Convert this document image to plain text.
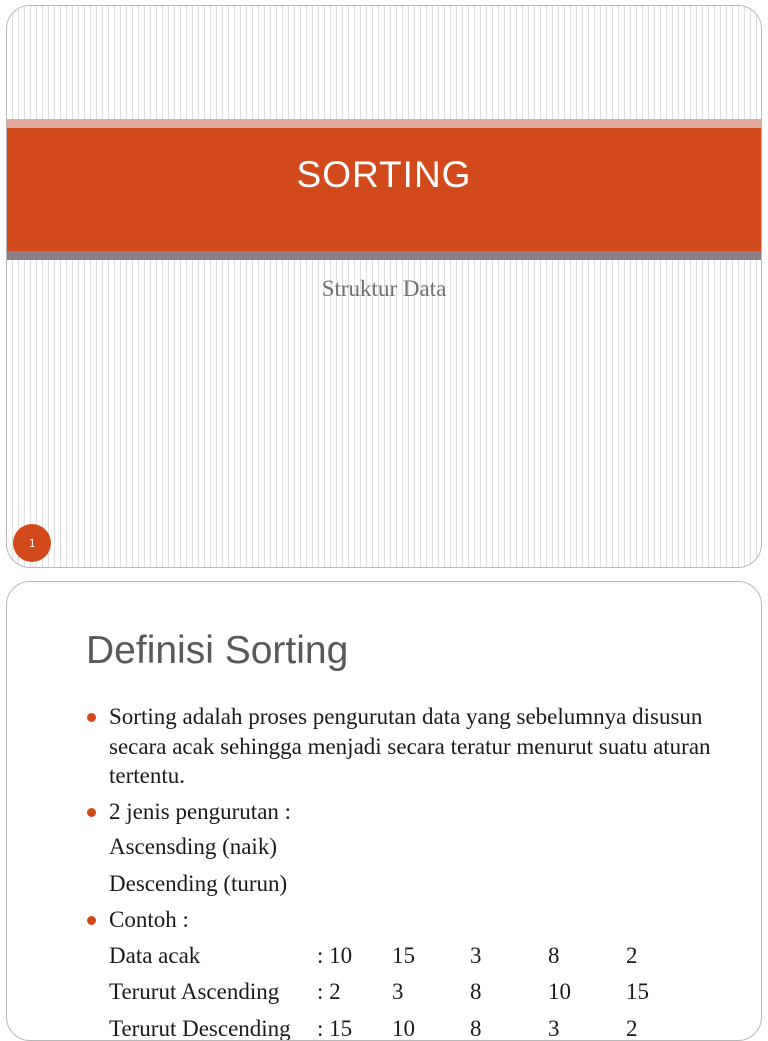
SORTING
Struktur Data
1
Definisi Sorting
Sorting adalah proses pengurutan data yang sebelumnya disusun secara acak sehingga menjadi secara teratur menurut suatu aturan tertentu.
2 jenis pengurutan :
Ascensding (naik)
Descending (turun)
Contoh :
Data acak	: 10	15	3	8	2
Terurut Ascending	: 2	3	8	10	15
Terurut Descending	: 15	10	8	3	2
